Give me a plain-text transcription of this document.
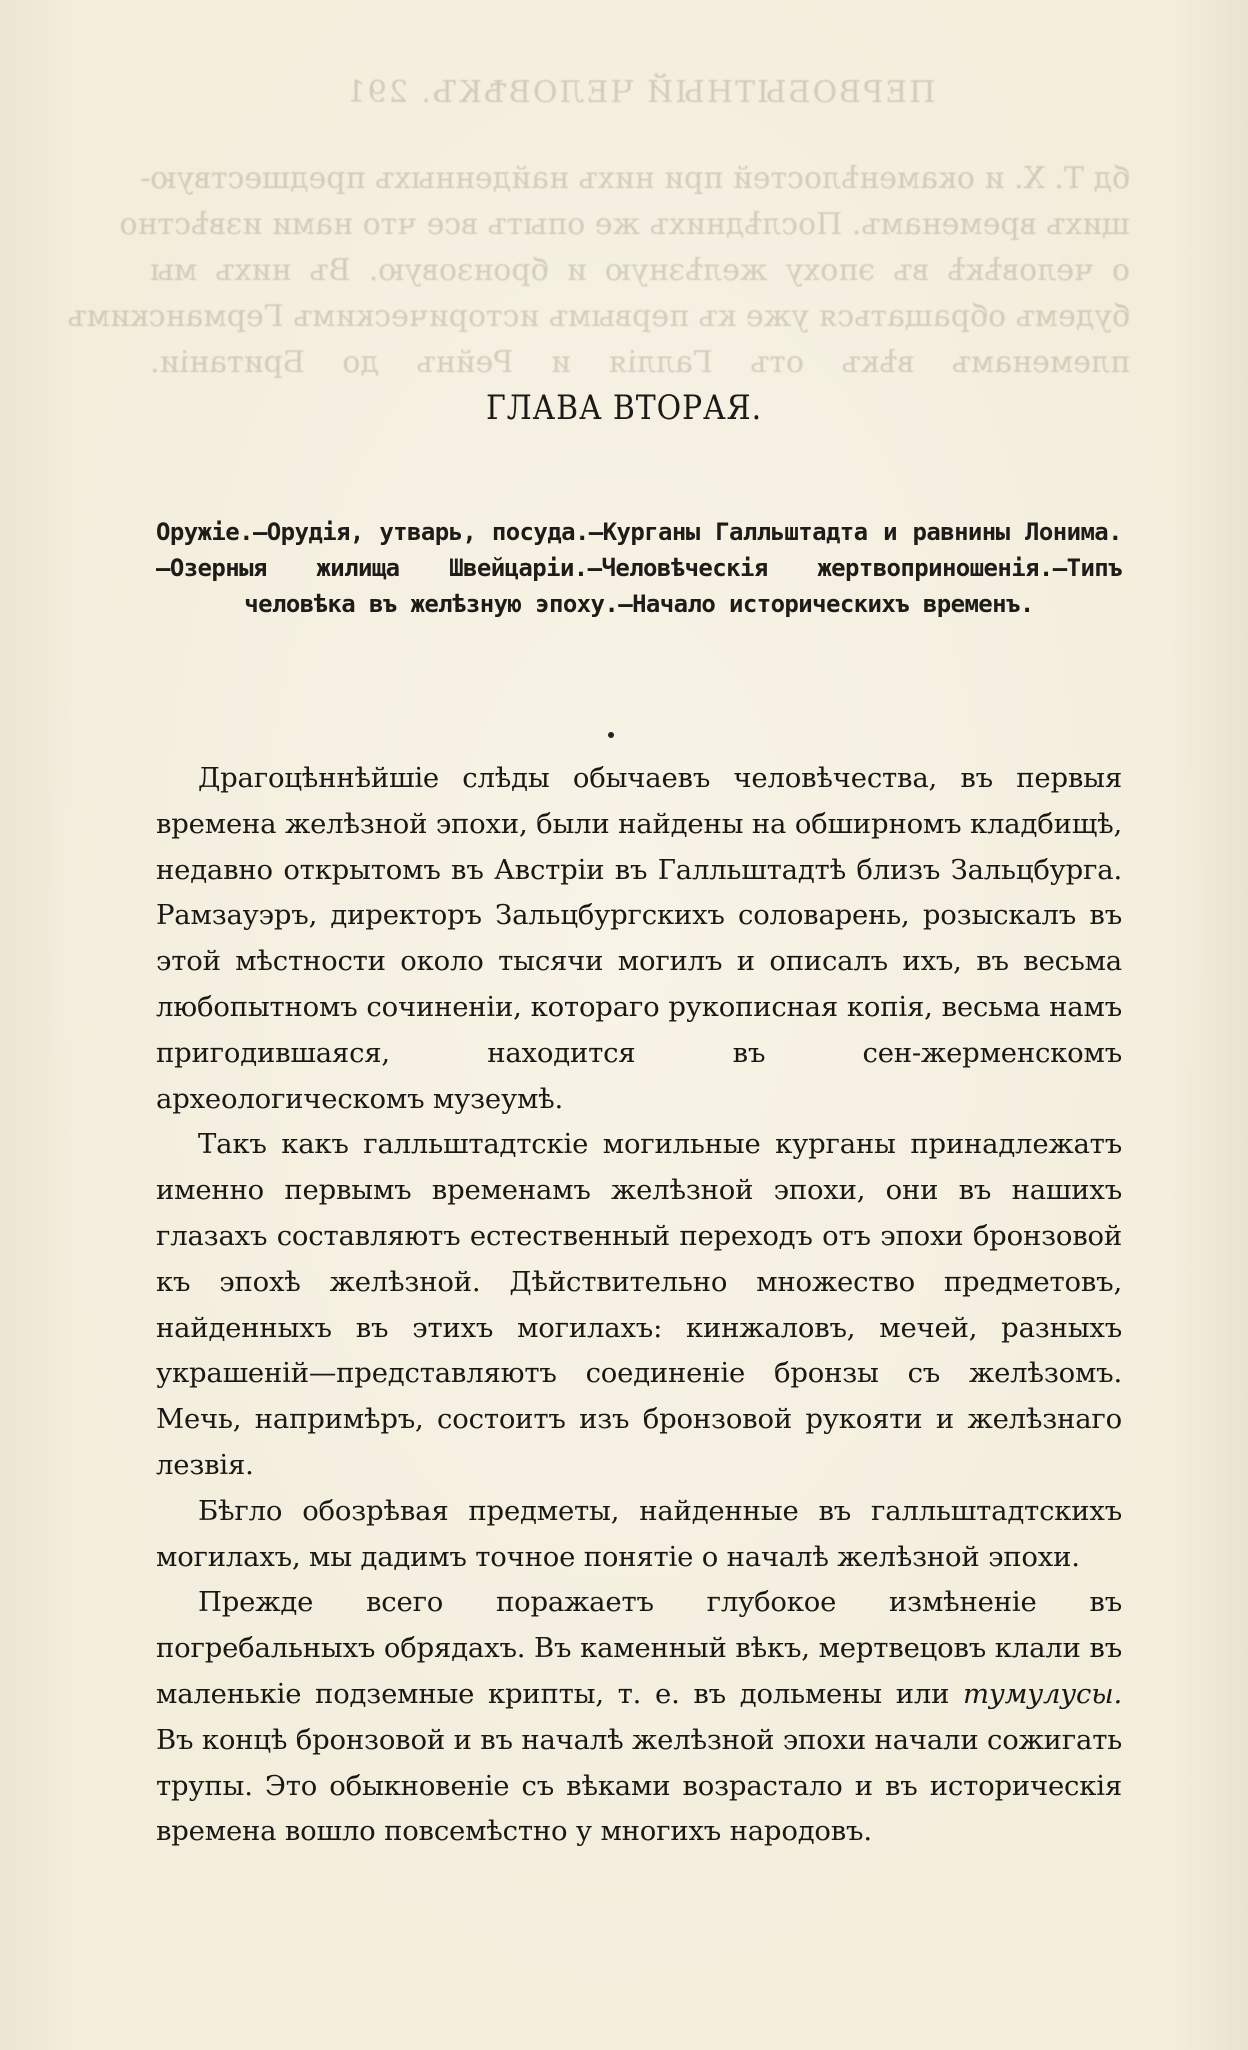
ПЕРВОБЫТНЫЙ ЧЕЛОВѢКЪ. 291
бд Т. Х. и окаменѣлостей при нихъ найденныхъ предшествую-
щихъ временамъ. Послѣднихъ же опытъ все что нами извѣстно
о человѣкѣ въ эпоху желѣзную и бронзовую. Въ нихъ мы
будемъ обращаться уже къ первымъ историческимъ Германскимъ
племенамъ вѣкъ отъ Галлія и Рейнъ до Британіи.
ГЛАВА ВТОРАЯ.

Оружіе.—Орудія, утварь, посуда.—Курганы Галльштадта и равнины Лонима.—Озерныя жилища Швейцаріи.—Человѣческія жертвоприношенія.—Типъ человѣка въ желѣзную эпоху.—Начало историческихъ временъ.

Драгоцѣннѣйшіе слѣды обычаевъ человѣчества, въ первыя времена желѣзной эпохи, были найдены на обширномъ кладбищѣ, недавно открытомъ въ Австріи въ Галльштадтѣ близъ Зальцбурга. Рамзауэръ, директоръ Зальцбургскихъ соловарень, розыскалъ въ этой мѣстности около тысячи могилъ и описалъ ихъ, въ весьма любопытномъ сочиненіи, котораго рукописная копія, весьма намъ пригодившаяся, находится въ сен-жерменскомъ археологическомъ музеумѣ.

Такъ какъ галльштадтскіе могильные курганы принадлежатъ именно первымъ временамъ желѣзной эпохи, они въ нашихъ глазахъ составляютъ естественный переходъ отъ эпохи бронзовой къ эпохѣ желѣзной. Дѣйствительно множество предметовъ, найденныхъ въ этихъ могилахъ: кинжаловъ, мечей, разныхъ украшеній—представляютъ соединеніе бронзы съ желѣзомъ. Мечь, напримѣръ, состоитъ изъ бронзовой рукояти и желѣзнаго лезвія.

Бѣгло обозрѣвая предметы, найденные въ галльштадтскихъ могилахъ, мы дадимъ точное понятіе о началѣ желѣзной эпохи.

Прежде всего поражаетъ глубокое измѣненіе въ погребальныхъ обрядахъ. Въ каменный вѣкъ, мертвецовъ клали въ маленькіе подземные крипты, т. е. въ дольмены или тумулусы. Въ концѣ бронзовой и въ началѣ желѣзной эпохи начали сожигать трупы. Это обыкновеніе съ вѣками возрастало и въ историческія времена вошло повсемѣстно у многихъ народовъ.
